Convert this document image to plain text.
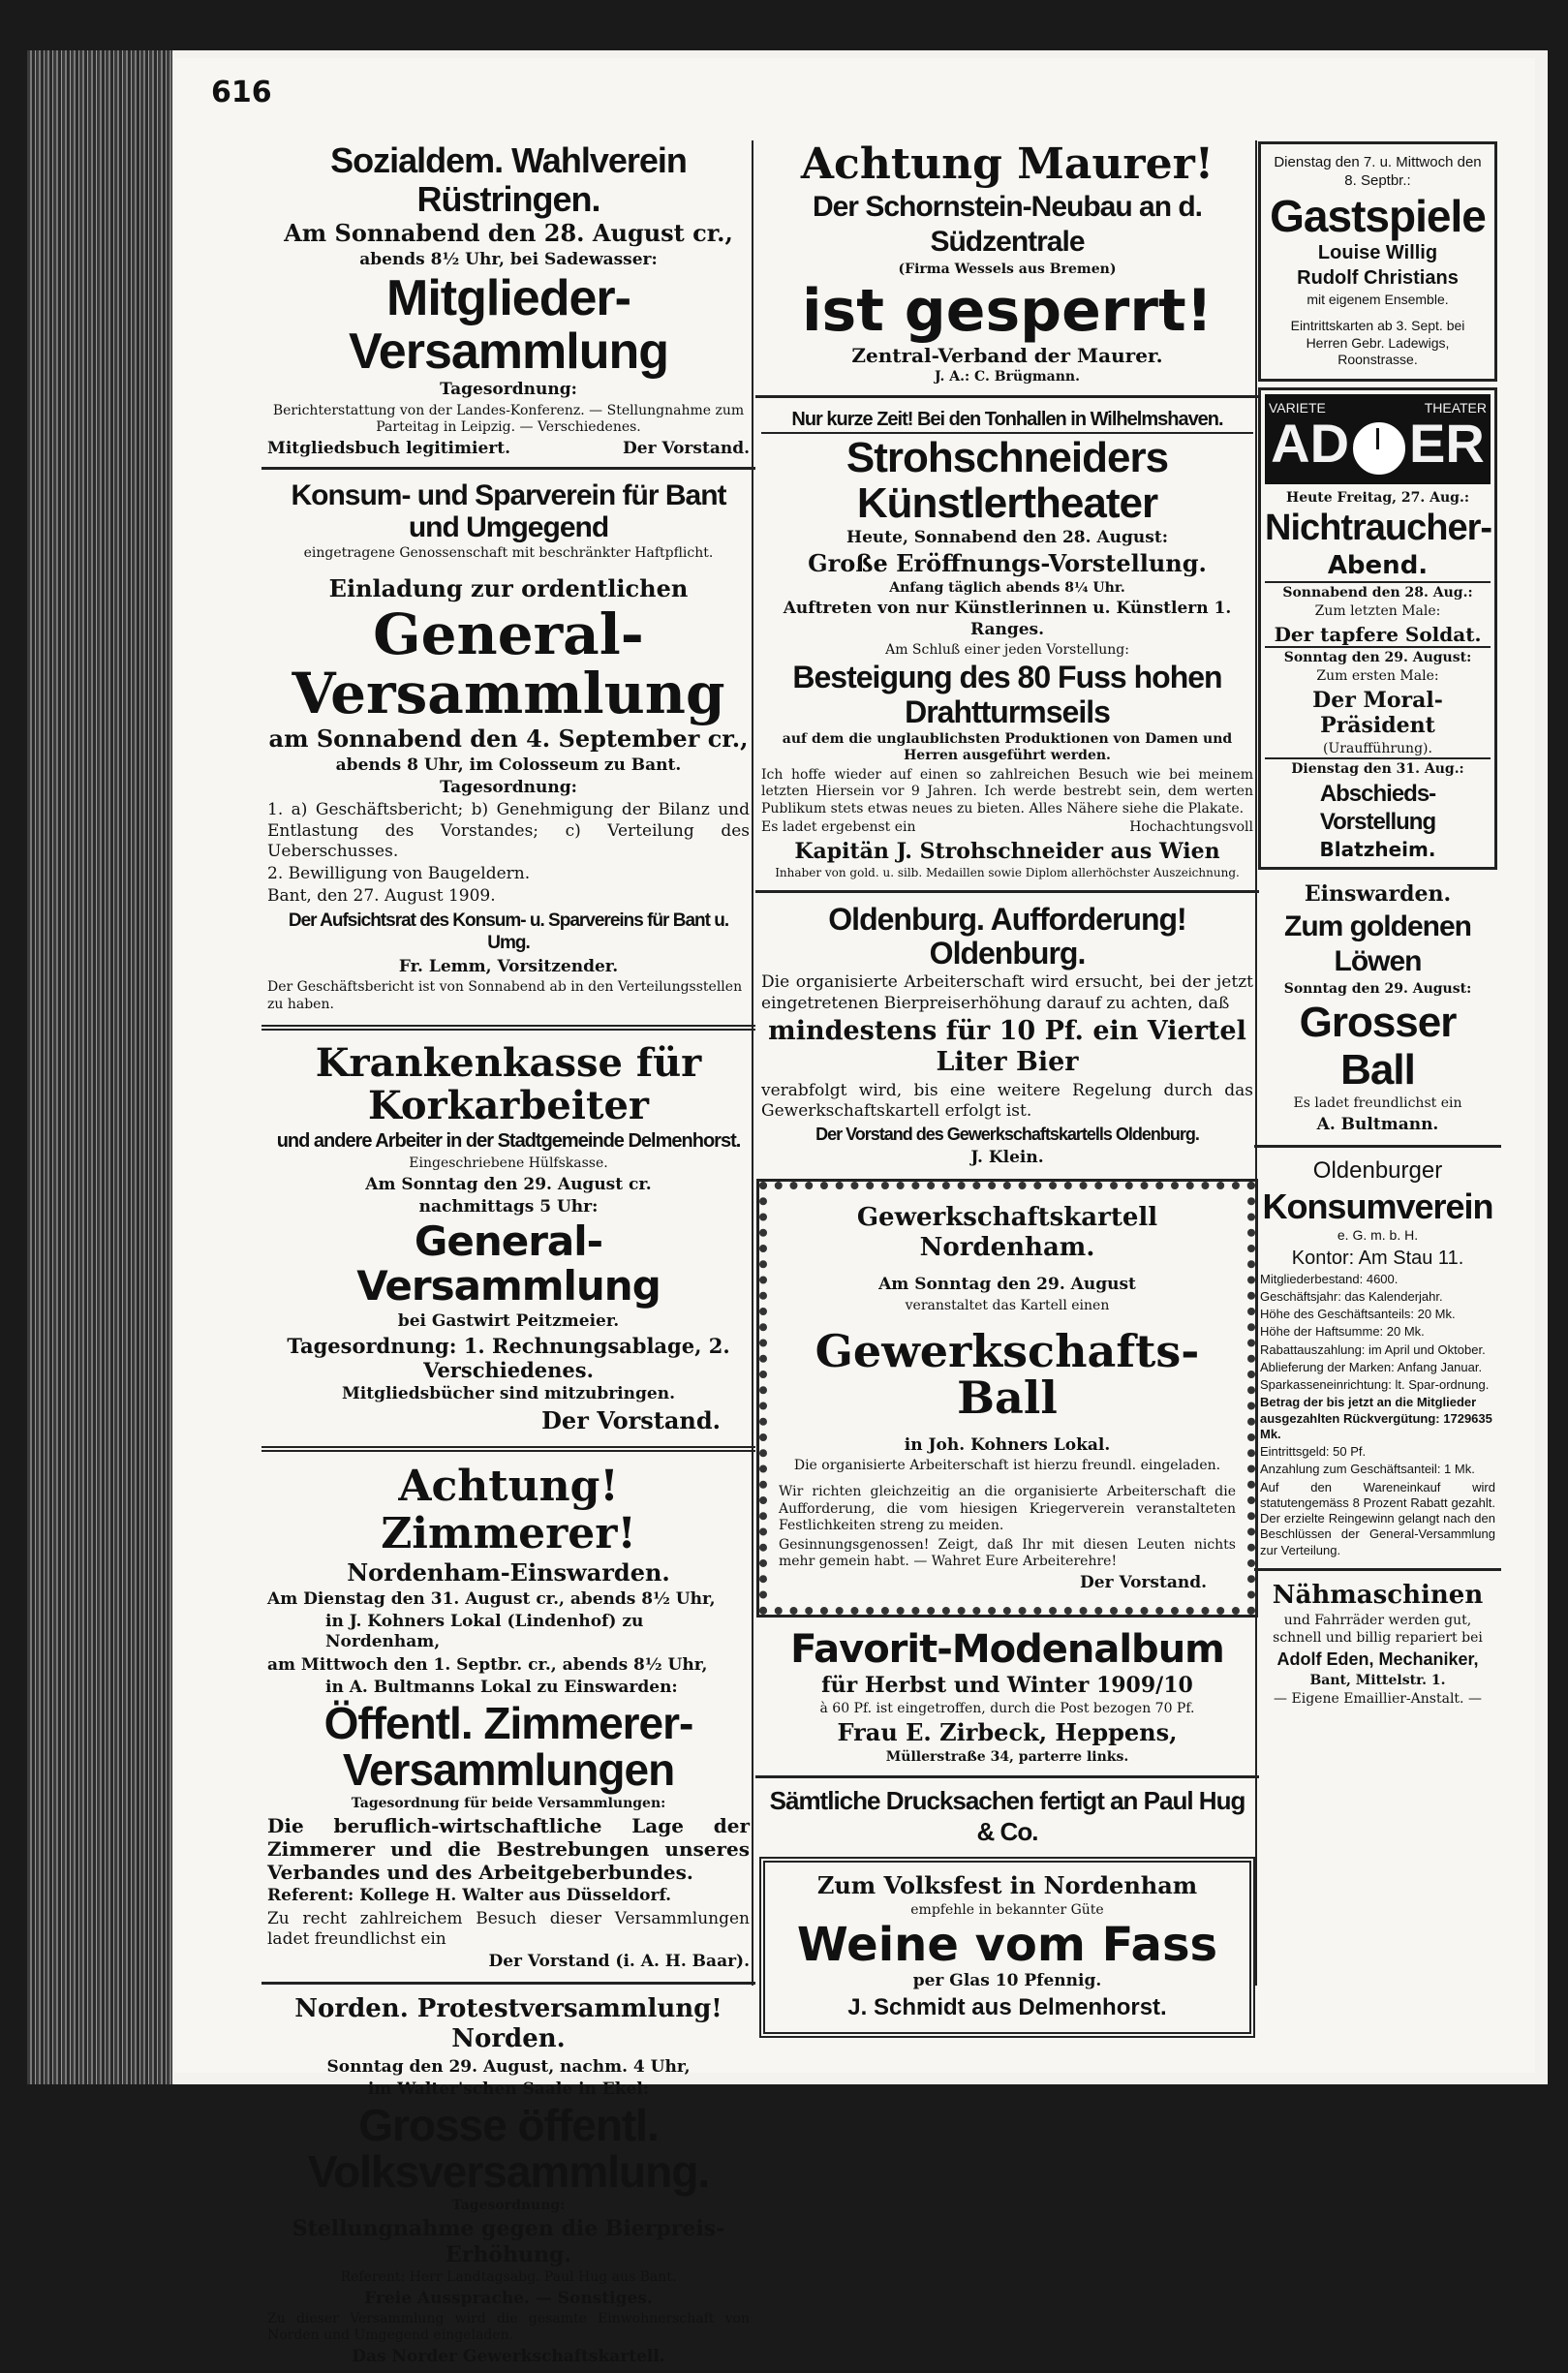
616

Sozialdem. Wahlverein Rüstringen.

Am Sonnabend den 28. August cr.,

abends 8½ Uhr, bei Sadewasser:

Mitglieder-Versammlung

Tagesordnung:

Berichterstattung von der Landes-Konferenz. — Stellungnahme zum Parteitag in Leipzig. — Verschiedenes.

Mitgliedsbuch legitimiert.	Der Vorstand.

Konsum- und Sparverein für Bant und Umgegend

eingetragene Genossenschaft mit beschränkter Haftpflicht.

Einladung zur ordentlichen

General-Versammlung

am Sonnabend den 4. September cr.,

abends 8 Uhr, im Colosseum zu Bant.

Tagesordnung:

1. a) Geschäftsbericht; b) Genehmigung der Bilanz und Entlastung des Vorstandes; c) Verteilung des Ueberschusses.

2. Bewilligung von Baugeldern.

Bant, den 27. August 1909.

Der Aufsichtsrat des Konsum- u. Sparvereins für Bant u. Umg.

Fr. Lemm, Vorsitzender.

Der Geschäftsbericht ist von Sonnabend ab in den Verteilungsstellen zu haben.

Krankenkasse für Korkarbeiter

und andere Arbeiter in der Stadtgemeinde Delmenhorst.

Eingeschriebene Hülfskasse.

Am Sonntag den 29. August cr.

nachmittags 5 Uhr:

General-Versammlung

bei Gastwirt Peitzmeier.

Tagesordnung: 1. Rechnungsablage, 2. Verschiedenes.

Mitgliedsbücher sind mitzubringen.

Der Vorstand.

Achtung! Zimmerer!

Nordenham-Einswarden.

Am Dienstag den 31. August cr., abends 8½ Uhr,

in J. Kohners Lokal (Lindenhof) zu Nordenham,

am Mittwoch den 1. Septbr. cr., abends 8½ Uhr,

in A. Bultmanns Lokal zu Einswarden:

Öffentl. Zimmerer-Versammlungen

Tagesordnung für beide Versammlungen:

Die beruflich-wirtschaftliche Lage der Zimmerer und die Bestrebungen unseres Verbandes und des Arbeitgeberbundes.

Referent: Kollege H. Walter aus Düsseldorf.

Zu recht zahlreichem Besuch dieser Versammlungen ladet freundlichst ein

Der Vorstand (i. A. H. Baar).

Norden. Protestversammlung! Norden.

Sonntag den 29. August, nachm. 4 Uhr,

im Walter'schen Saale in Ekel:

Grosse öffentl. Volksversammlung.

Tagesordnung:

Stellungnahme gegen die Bierpreis-Erhöhung.

Referent: Herr Landtagsabg. Paul Hug aus Bant.

Freie Aussprache. — Sonstiges.

Zu dieser Versammlung wird die gesamte Einwohnerschaft von Norden und Umgegend eingeladen.

Das Norder Gewerkschaftskartell.

Achtung Maurer!

Der Schornstein-Neubau an d. Südzentrale

(Firma Wessels aus Bremen)

ist gesperrt!

Zentral-Verband der Maurer.

J. A.: C. Brügmann.

Nur kurze Zeit! Bei den Tonhallen in Wilhelmshaven.

Strohschneiders Künstlertheater

Heute, Sonnabend den 28. August:

Große Eröffnungs-Vorstellung.

Anfang täglich abends 8¼ Uhr.

Auftreten von nur Künstlerinnen u. Künstlern 1. Ranges.

Am Schluß einer jeden Vorstellung:

Besteigung des 80 Fuss hohen Drahtturmseils

auf dem die unglaublichsten Produktionen von Damen und Herren ausgeführt werden.

Ich hoffe wieder auf einen so zahlreichen Besuch wie bei meinem letzten Hiersein vor 9 Jahren. Ich werde bestrebt sein, dem werten Publikum stets etwas neues zu bieten. Alles Nähere siehe die Plakate.

Es ladet ergebenst ein	Hochachtungsvoll

Kapitän J. Strohschneider aus Wien

Inhaber von gold. u. silb. Medaillen sowie Diplom allerhöchster Auszeichnung.

Oldenburg. Aufforderung! Oldenburg.

Die organisierte Arbeiterschaft wird ersucht, bei der jetzt eingetretenen Bierpreiserhöhung darauf zu achten, daß

mindestens für 10 Pf. ein Viertel Liter Bier

verabfolgt wird, bis eine weitere Regelung durch das Gewerkschaftskartell erfolgt ist.

Der Vorstand des Gewerkschaftskartells Oldenburg.

J. Klein.

Gewerkschaftskartell Nordenham.

Am Sonntag den 29. August

veranstaltet das Kartell einen

Gewerkschafts-Ball

in Joh. Kohners Lokal.

Die organisierte Arbeiterschaft ist hierzu freundl. eingeladen.

Wir richten gleichzeitig an die organisierte Arbeiterschaft die Aufforderung, die vom hiesigen Kriegerverein veranstalteten Festlichkeiten streng zu meiden.

Gesinnungsgenossen! Zeigt, daß Ihr mit diesen Leuten nichts mehr gemein habt. — Wahret Eure Arbeiterehre!

Der Vorstand.

Favorit-Modenalbum

für Herbst und Winter 1909/10

à 60 Pf. ist eingetroffen, durch die Post bezogen 70 Pf.

Frau E. Zirbeck, Heppens,

Müllerstraße 34, parterre links.

Sämtliche Drucksachen fertigt an Paul Hug & Co.

Zum Volksfest in Nordenham

empfehle in bekannter Güte

Weine vom Fass

per Glas 10 Pfennig.

J. Schmidt aus Delmenhorst.

Dienstag den 7. u. Mittwoch den 8. Septbr.:

Gastspiele

Louise Willig

Rudolf Christians

mit eigenem Ensemble.

Eintrittskarten ab 3. Sept. bei Herren Gebr. Ladewigs, Roonstrasse.

VARIETE	THEATER
AD ER

Heute Freitag, 27. Aug.:

Nichtraucher-

Abend.

Sonnabend den 28. Aug.:

Zum letzten Male:

Der tapfere Soldat.

Sonntag den 29. August:

Zum ersten Male:

Der Moral-Präsident

(Uraufführung).

Dienstag den 31. Aug.:

Abschieds-Vorstellung

Blatzheim.

Einswarden.

Zum goldenen Löwen

Sonntag den 29. August:

Grosser Ball

Es ladet freundlichst ein

A. Bultmann.

Oldenburger

Konsumverein

e. G. m. b. H.

Kontor: Am Stau 11.

Mitgliederbestand: 4600.

Geschäftsjahr: das Kalenderjahr.

Höhe des Geschäftsanteils: 20 Mk.

Höhe der Haftsumme: 20 Mk.

Rabattauszahlung: im April und Oktober.

Ablieferung der Marken: Anfang Januar.

Sparkasseneinrichtung: lt. Spar-ordnung.

Betrag der bis jetzt an die Mitglieder ausgezahlten Rückvergütung: 1729635 Mk.

Eintrittsgeld: 50 Pf.

Anzahlung zum Geschäftsanteil: 1 Mk.

Auf den Wareneinkauf wird statutengemäss 8 Prozent Rabatt gezahlt. Der erzielte Reingewinn gelangt nach den Beschlüssen der General-Versammlung zur Verteilung.

Nähmaschinen

und Fahrräder werden gut, schnell und billig repariert bei

Adolf Eden, Mechaniker,

Bant, Mittelstr. 1.

— Eigene Emaillier-Anstalt. —
